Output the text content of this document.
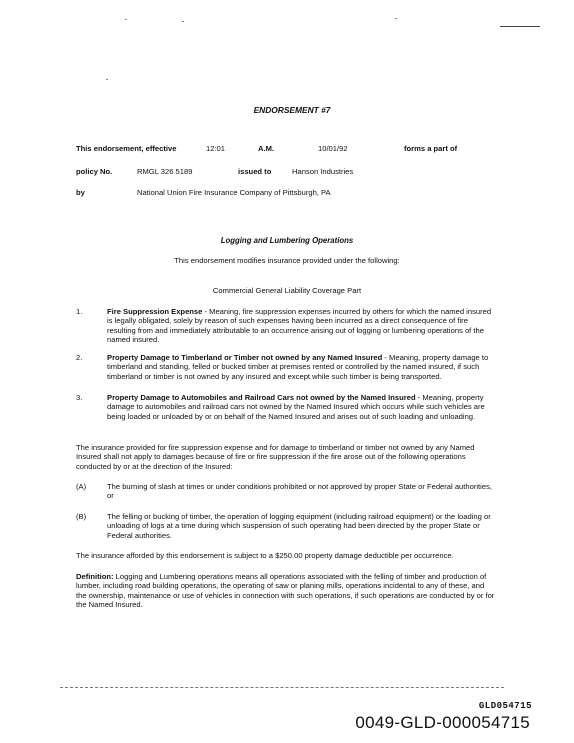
ENDORSEMENT #7
This endorsement, effective	12:01	A.M.	10/01/92	forms a part of
policy No.	RMGL 326 5189	issued to	Hanson Industries
by	National Union Fire Insurance Company of Pittsburgh, PA
Logging and Lumbering Operations
This endorsement modifies insurance provided under the following:
Commercial General Liability Coverage Part
1.	Fire Suppression Expense - Meaning, fire suppression expenses incurred by others for which the named insured is legally obligated, solely by reason of such expenses having been incurred as a direct consequence of fire resulting from and immediately attributable to an occurrence arising out of logging or lumbering operations of the named insured.
2.	Property Damage to Timberland or Timber not owned by any Named Insured - Meaning, property damage to timberland and standing, felled or bucked timber at premises rented or controlled by the named insured, if such timberland or timber is not owned by any insured and except while such timber is being transported.
3.	Property Damage to Automobiles and Railroad Cars not owned by the Named Insured - Meaning, property damage to automobiles and railroad cars not owned by the Named Insured which occurs while such vehicles are being loaded or unloaded by or on behalf of the Named Insured and arises out of such loading and unloading.
The insurance provided for fire suppression expense and for damage to timberland or timber not owned by any Named Insured shall not apply to damages because of fire or fire suppression if the fire arose out of the following operations conducted by or at the direction of the Insured:
(A)	The burning of slash at times or under conditions prohibited or not approved by proper State or Federal authorities, or
(B)	The felling or bucking of timber, the operation of logging equipment (including railroad equipment) or the loading or unloading of logs at a time during which suspension of such operating had been directed by the proper State or Federal authorities.
The insurance afforded by this endorsement is subject to a $250.00 property damage deductible per occurrence.
Definition: Logging and Lumbering operations means all operations associated with the felling of timber and production of lumber, including road building operations, the operating of saw or planing mills, operations incidental to any of these, and the ownership, maintenance or use of vehicles in connection with such operations, if such operations are conducted by or for the Named Insured.
GLD054715
0049-GLD-000054715
